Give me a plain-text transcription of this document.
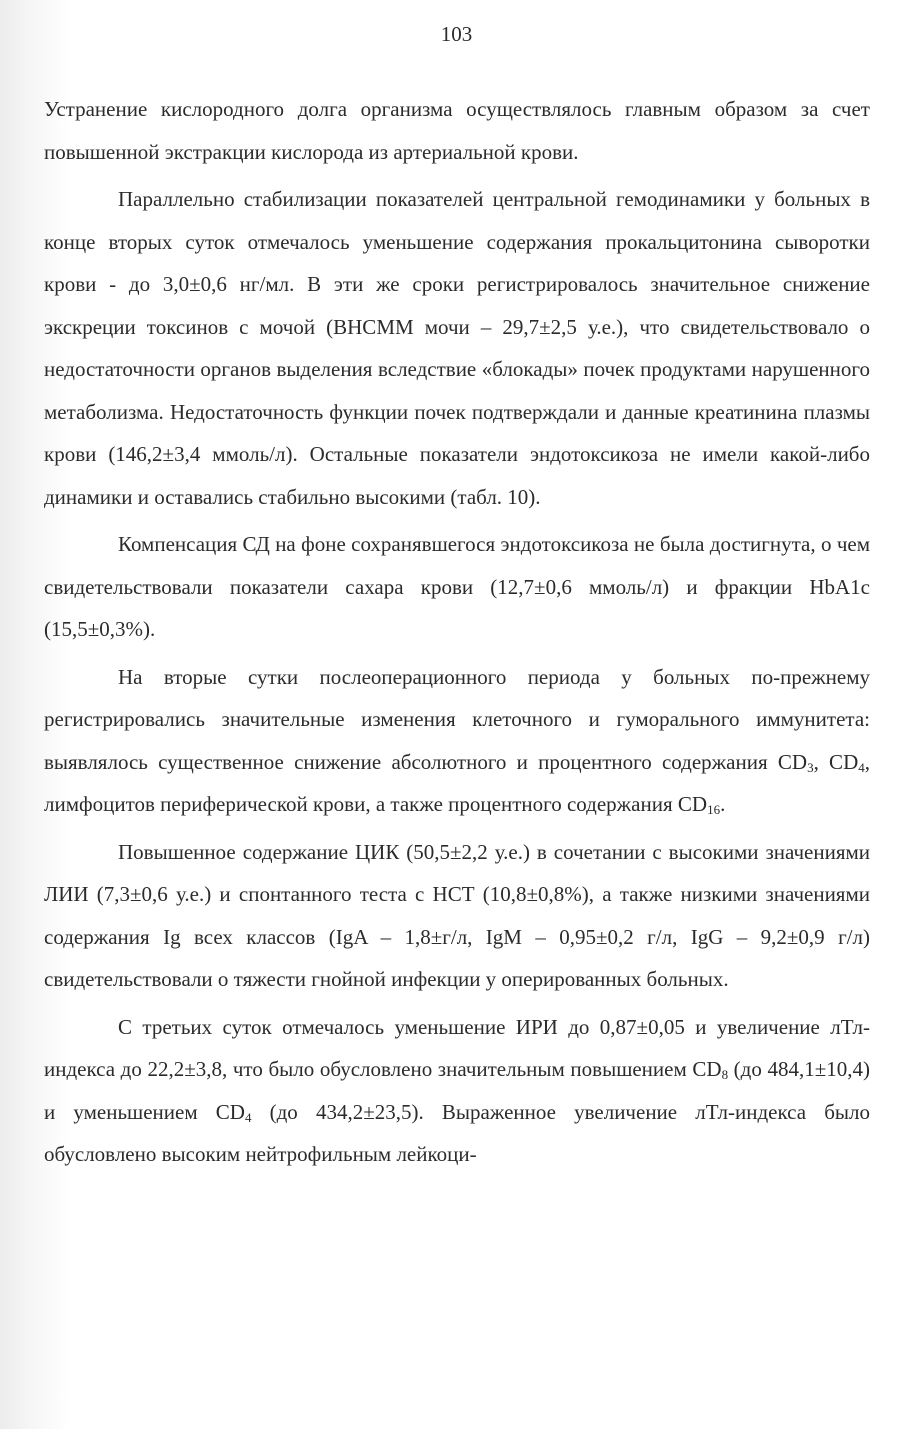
103

Устранение кислородного долга организма осуществлялось главным образом за счет повышенной экстракции кислорода из артериальной крови.

Параллельно стабилизации показателей центральной гемодинамики у больных в конце вторых суток отмечалось уменьшение содержания прокальцитонина сыворотки крови - до 3,0±0,6 нг/мл. В эти же сроки регистрировалось значительное снижение экскреции токсинов с мочой (ВНСММ мочи – 29,7±2,5 у.е.), что свидетельствовало о недостаточности органов выделения вследствие «блокады» почек продуктами нарушенного метаболизма. Недостаточность функции почек подтверждали и данные креатинина плазмы крови (146,2±3,4 ммоль/л). Остальные показатели эндотоксикоза не имели какой-либо динамики и оставались стабильно высокими (табл. 10).

Компенсация СД на фоне сохранявшегося эндотоксикоза не была достигнута, о чем свидетельствовали показатели сахара крови (12,7±0,6 ммоль/л) и фракции HbA1c (15,5±0,3%).

На вторые сутки послеоперационного периода у больных по-прежнему регистрировались значительные изменения клеточного и гуморального иммунитета: выявлялось существенное снижение абсолютного и процентного содержания $CD_3$, $CD_4$, лимфоцитов периферической крови, а также процентного содержания $CD_{16}$.

Повышенное содержание ЦИК (50,5±2,2 у.е.) в сочетании с высокими значениями ЛИИ (7,3±0,6 у.е.) и спонтанного теста с НСТ (10,8±0,8%), а также низкими значениями содержания Ig всех классов (IgA – 1,8±г/л, IgM – 0,95±0,2 г/л, IgG – 9,2±0,9 г/л) свидетельствовали о тяжести гнойной инфекции у оперированных больных.

С третьих суток отмечалось уменьшение ИРИ до 0,87±0,05 и увеличение лТл-индекса до 22,2±3,8, что было обусловлено значительным повышением $CD_8$ (до 484,1±10,4) и уменьшением $CD_4$ (до 434,2±23,5). Выраженное увеличение лТл-индекса было обусловлено высоким нейтрофильным лейкоци-
